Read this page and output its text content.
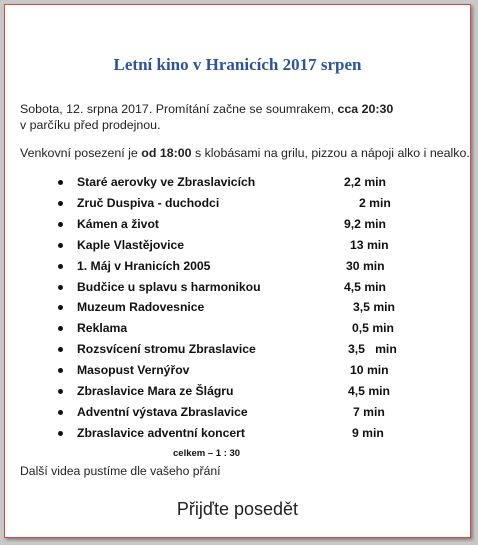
Letní kino v Hranicích 2017 srpen
Sobota, 12. srpna 2017. Promítání začne se soumrakem, cca 20:30
v parčíku před prodejnou.
Venkovní posezení je od 18:00 s klobásami na grilu, pizzou a nápoji alko i nealko.
Staré aerovky ve Zbraslavicích	2,2 min
Zruč Duspiva - duchodci	2 min
Kámen a život	9,2 min
Kaple Vlastějovice	13 min
1. Máj v Hranicích 2005	30 min
Budčice u splavu s harmonikou	4,5 min
Muzeum Radovesnice	3,5 min
Reklama	0,5 min
Rozsvícení stromu Zbraslavice	3,5   min
Masopust Vernýřov	10 min
Zbraslavice Mara ze Šlágru	4,5 min
Adventní výstava Zbraslavice	7 min
Zbraslavice adventní koncert	9 min
celkem – 1 : 30
Další videa pustíme dle vašeho přání
Přijďte posedět
